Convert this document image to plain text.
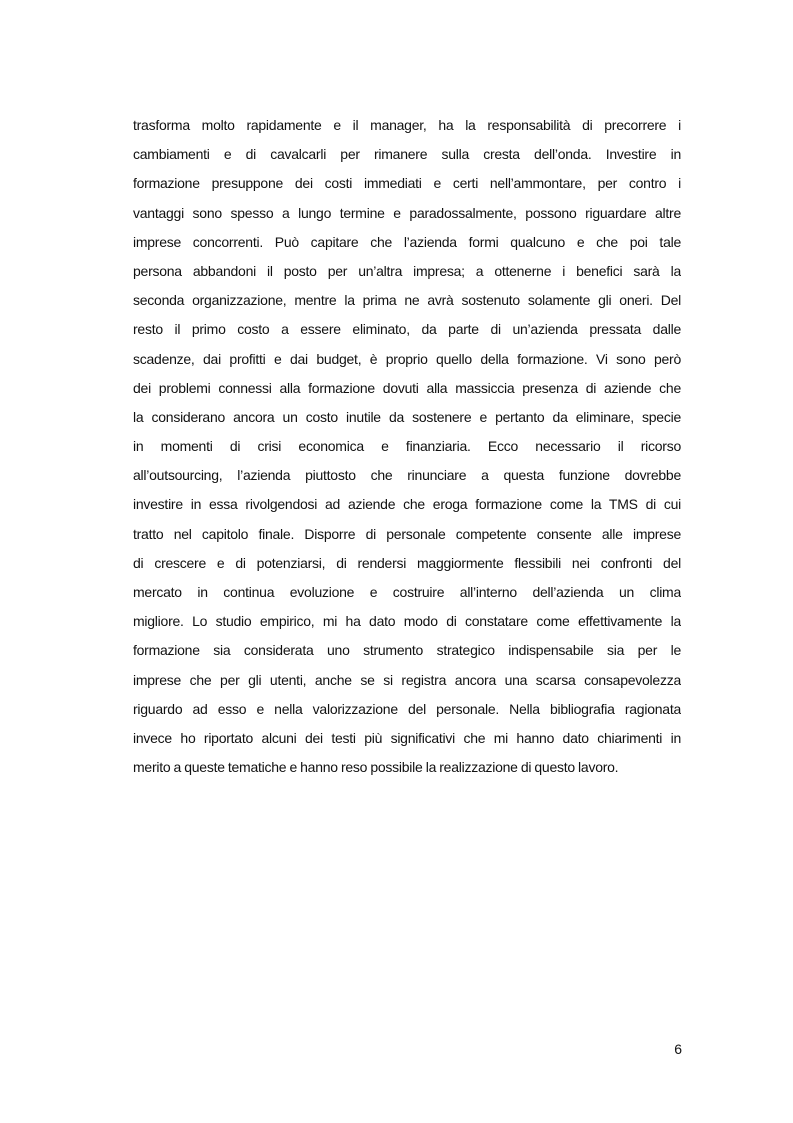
trasforma molto rapidamente e il manager, ha la responsabilità di precorrere i
cambiamenti e di cavalcarli per rimanere sulla cresta dell’onda. Investire in
formazione presuppone dei costi immediati e certi nell’ammontare, per contro i
vantaggi sono spesso a lungo termine e paradossalmente, possono riguardare altre
imprese concorrenti. Può capitare che l’azienda formi qualcuno e che poi tale
persona abbandoni il posto per un’altra impresa; a ottenerne i benefici sarà la
seconda organizzazione, mentre la prima ne avrà sostenuto solamente gli oneri. Del
resto il primo costo a essere eliminato, da parte di un’azienda pressata dalle
scadenze, dai profitti e dai budget, è proprio quello della formazione. Vi sono però
dei problemi connessi alla formazione dovuti alla massiccia presenza di aziende che
la considerano ancora un costo inutile da sostenere e pertanto da eliminare, specie
in momenti di crisi economica e finanziaria. Ecco necessario il ricorso
all’outsourcing, l’azienda piuttosto che rinunciare a questa funzione dovrebbe
investire in essa rivolgendosi ad aziende che eroga formazione come la TMS di cui
tratto nel capitolo finale. Disporre di personale competente consente alle imprese
di crescere e di potenziarsi, di rendersi maggiormente flessibili nei confronti del
mercato in continua evoluzione e costruire all’interno dell’azienda un clima
migliore. Lo studio empirico, mi ha dato modo di constatare come effettivamente la
formazione sia considerata uno strumento strategico indispensabile sia per le
imprese che per gli utenti, anche se si registra ancora una scarsa consapevolezza
riguardo ad esso e nella valorizzazione del personale. Nella bibliografia ragionata
invece ho riportato alcuni dei testi più significativi che mi hanno dato chiarimenti in
merito a queste tematiche e hanno reso possibile la realizzazione di questo lavoro.
6
